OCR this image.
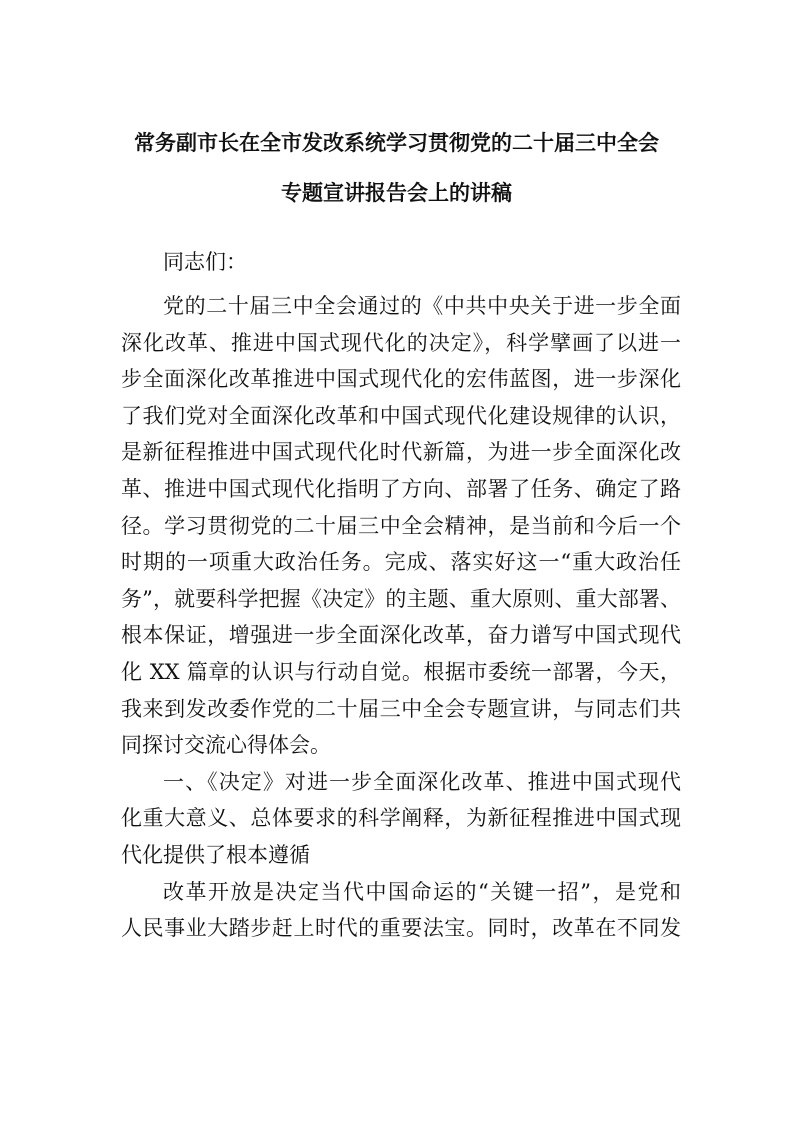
常务副市长在全市发改系统学习贯彻党的二十届三中全会
专题宣讲报告会上的讲稿
同志们：
党的二十届三中全会通过的《中共中央关于进一步全面
深化改革、推进中国式现代化的决定》，科学擘画了以进一
步全面深化改革推进中国式现代化的宏伟蓝图，进一步深化
了我们党对全面深化改革和中国式现代化建设规律的认识，
是新征程推进中国式现代化时代新篇，为进一步全面深化改
革、推进中国式现代化指明了方向、部署了任务、确定了路
径。学习贯彻党的二十届三中全会精神，是当前和今后一个
时期的一项重大政治任务。完成、落实好这一“重大政治任
务”，就要科学把握《决定》的主题、重大原则、重大部署、
根本保证，增强进一步全面深化改革，奋力谱写中国式现代
化 XX 篇章的认识与行动自觉。根据市委统一部署，今天，
我来到发改委作党的二十届三中全会专题宣讲，与同志们共
同探讨交流心得体会。
一、《决定》对进一步全面深化改革、推进中国式现代
化重大意义、总体要求的科学阐释，为新征程推进中国式现
代化提供了根本遵循
改革开放是决定当代中国命运的“关键一招”，是党和
人民事业大踏步赶上时代的重要法宝。同时，改革在不同发
